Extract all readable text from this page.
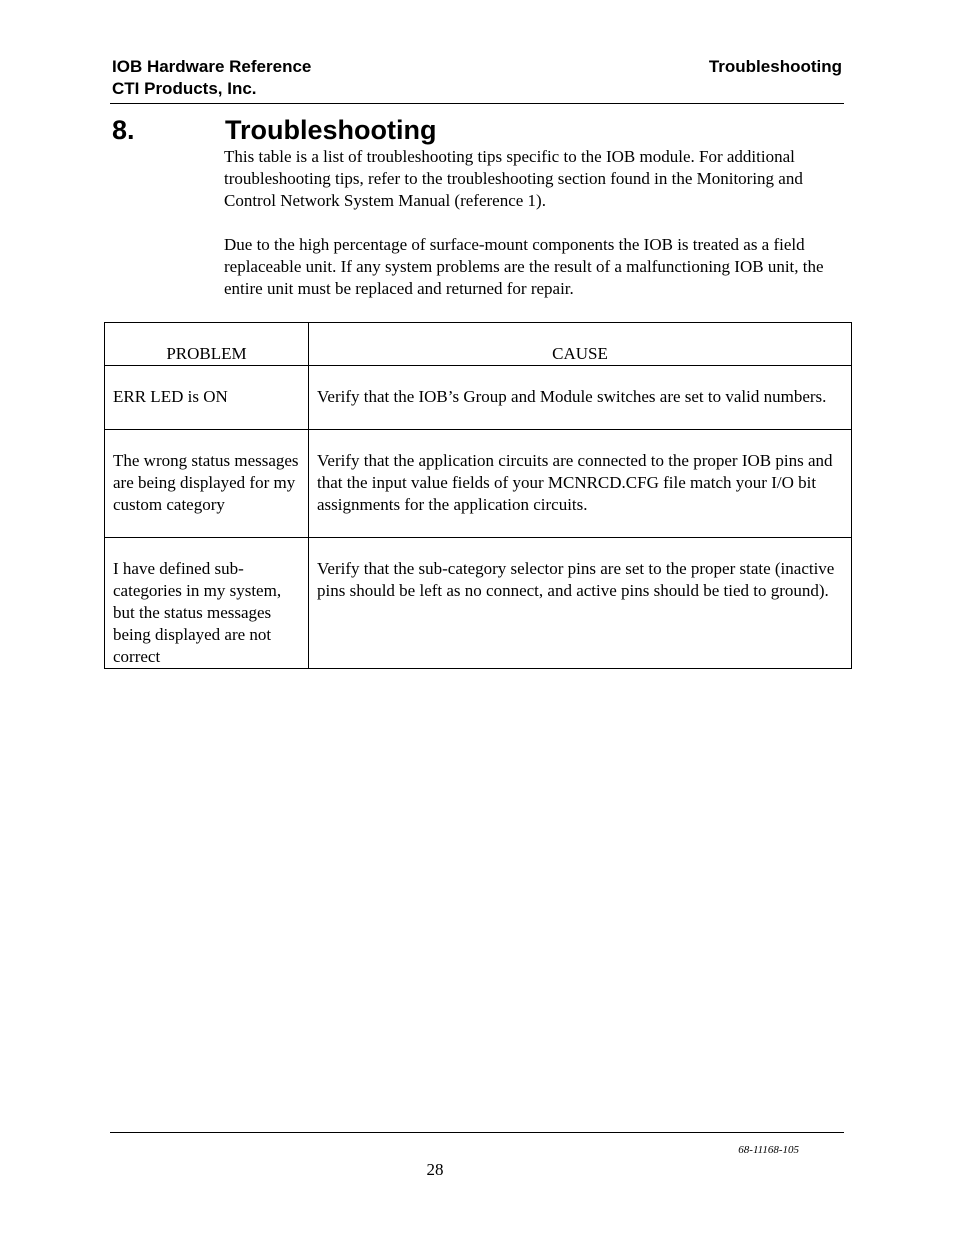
IOB Hardware Reference
CTI Products, Inc.
Troubleshooting
8.	Troubleshooting

This table is a list of troubleshooting tips specific to the IOB module. For additional troubleshooting tips, refer to the troubleshooting section found in the Monitoring and Control Network System Manual (reference 1).

Due to the high percentage of surface-mount components the IOB is treated as a field replaceable unit. If any system problems are the result of a malfunctioning IOB unit, the entire unit must be replaced and returned for repair.

PROBLEM	CAUSE
ERR LED is ON	Verify that the IOB’s Group and Module switches are set to valid numbers.
The wrong status messages are being displayed for my custom category	Verify that the application circuits are connected to the proper IOB pins and that the input value fields of your MCNRCD.CFG file match your I/O bit assignments for the application circuits.
I have defined sub-categories in my system, but the status messages being displayed are not correct	Verify that the sub-category selector pins are set to the proper state (inactive pins should be left as no connect, and active pins should be tied to ground).
68-11168-105
28
